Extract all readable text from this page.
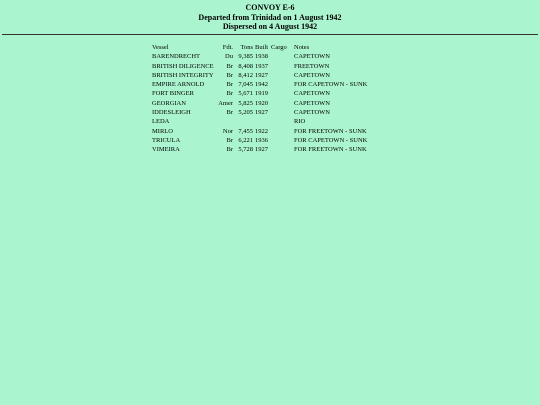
CONVOY E-6
Departed from Trinidad on 1 August 1942
Dispersed on 4 August 1942
Vessel	Fdt.	Tons	Built	Cargo	Notes
BARENDRECHT	Du	9,385	1938		CAPETOWN
BRITISH DILIGENCE	Br	8,408	1937		FREETOWN
BRITISH INTEGRITY	Br	8,412	1927		CAPETOWN
EMPIRE ARNOLD	Br	7,045	1942		FOR CAPETOWN - SUNK
FORT BINGER	Br	5,671	1919		CAPETOWN
GEORGIAN	Amer	5,825	1920		CAPETOWN
IDDESLEIGH	Br	5,205	1927		CAPETOWN
LEDA					RIO
MIRLO	Nor	7,455	1922		FOR FREETOWN - SUNK
TRICULA	Br	6,221	1936		FOR CAPETOWN - SUNK
VIMEIRA	Br	5,728	1927		FOR FREETOWN - SUNK
